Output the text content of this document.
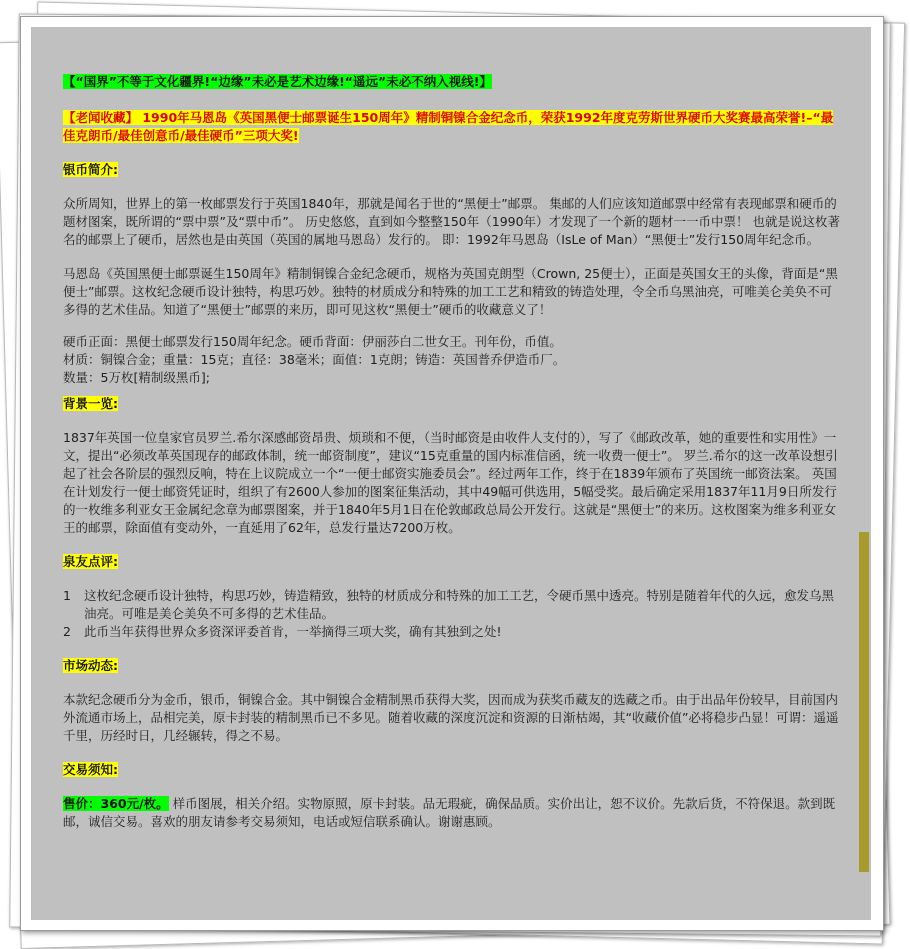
【“国界”不等于文化疆界!“边缘”未必是艺术边缘!“遥远”未必不纳入视线!】

【老闻收藏】 1990年马恩岛《英国黑便士邮票诞生150周年》精制铜镍合金纪念币，荣获1992年度克劳斯世界硬币大奖赛最高荣誉!–“最佳克朗币/最佳创意币/最佳硬币”三项大奖!

银币简介:

众所周知，世界上的第一枚邮票发行于英国1840年，那就是闻名于世的“黑便士”邮票。 集邮的人们应该知道邮票中经常有表现邮票和硬币的题材图案，既所谓的“票中票”及“票中币”。 历史悠悠，直到如今整整150年（1990年）才发现了一个新的题材一一币中票！ 也就是说这枚著名的邮票上了硬币，居然也是由英国（英国的属地马恩岛）发行的。 即：1992年马恩岛（IsLe of Man）“黑便士”发行150周年纪念币。

马恩岛《英国黑便士邮票诞生150周年》精制铜镍合金纪念硬币，规格为英国克朗型（Crown, 25便士），正面是英国女王的头像，背面是“黑便士”邮票。这枚纪念硬币设计独特，构思巧妙。独特的材质成分和特殊的加工工艺和精致的铸造处理，令全币乌黑油亮，可唯美仑美奂不可多得的艺术佳品。知道了“黑便士”邮票的来历，即可见这枚“黑便士”硬币的收藏意义了！

硬币正面：黑便士邮票发行150周年纪念。硬币背面：伊丽莎白二世女王。刊年份，币值。

材质：铜镍合金；重量：15克；直径：38毫米；面值：1克朗；铸造：英国普乔伊造币厂。

数量：5万枚[精制级黑币];

背景一览:

1837年英国一位皇家官员罗兰.希尔深感邮资昂贵、烦琐和不便，（当时邮资是由收件人支付的），写了《邮政改革，她的重要性和实用性》一文，提出“必须改革英国现存的邮政体制，统一邮资制度”，建议“15克重量的国内标准信函，统一收费一便士”。 罗兰.希尔的这一改革设想引起了社会各阶层的强烈反响，特在上议院成立一个“一便士邮资实施委员会”。经过两年工作，终于在1839年颁布了英国统一邮资法案。 英国在计划发行一便士邮资凭证时，组织了有2600人参加的图案征集活动，其中49幅可供选用，5幅受奖。最后确定采用1837年11月9日所发行的一枚维多利亚女王金属纪念章为邮票图案，并于1840年5月1日在伦敦邮政总局公开发行。这就是“黑便士”的来历。这枚图案为维多利亚女王的邮票，除面值有变动外，一直延用了62年，总发行量达7200万枚。

泉友点评:

1 这枚纪念硬币设计独特，构思巧妙，铸造精致，独特的材质成分和特殊的加工工艺，令硬币黑中透亮。特别是随着年代的久远，愈发乌黑油亮。可唯是美仑美奂不可多得的艺术佳品。
2 此币当年获得世界众多资深评委首肯，一举摘得三项大奖，确有其独到之处!

市场动态:

本款纪念硬币分为金币，银币，铜镍合金。其中铜镍合金精制黑币获得大奖，因而成为获奖币藏友的选藏之币。由于出品年份较早，目前国内外流通市场上，品相完美，原卡封装的精制黑币已不多见。随着收藏的深度沉淀和资源的日渐枯竭，其“收藏价值”必将稳步凸显！可谓：遥遥千里，历经时日，几经辗转，得之不易。

交易须知:

售价：360元/枚。 样币图展，相关介绍。实物原照，原卡封装。品无瑕疵，确保品质。实价出让，恕不议价。先款后货，不符保退。款到既邮，诚信交易。喜欢的朋友请参考交易须知，电话或短信联系确认。谢谢惠顾。
